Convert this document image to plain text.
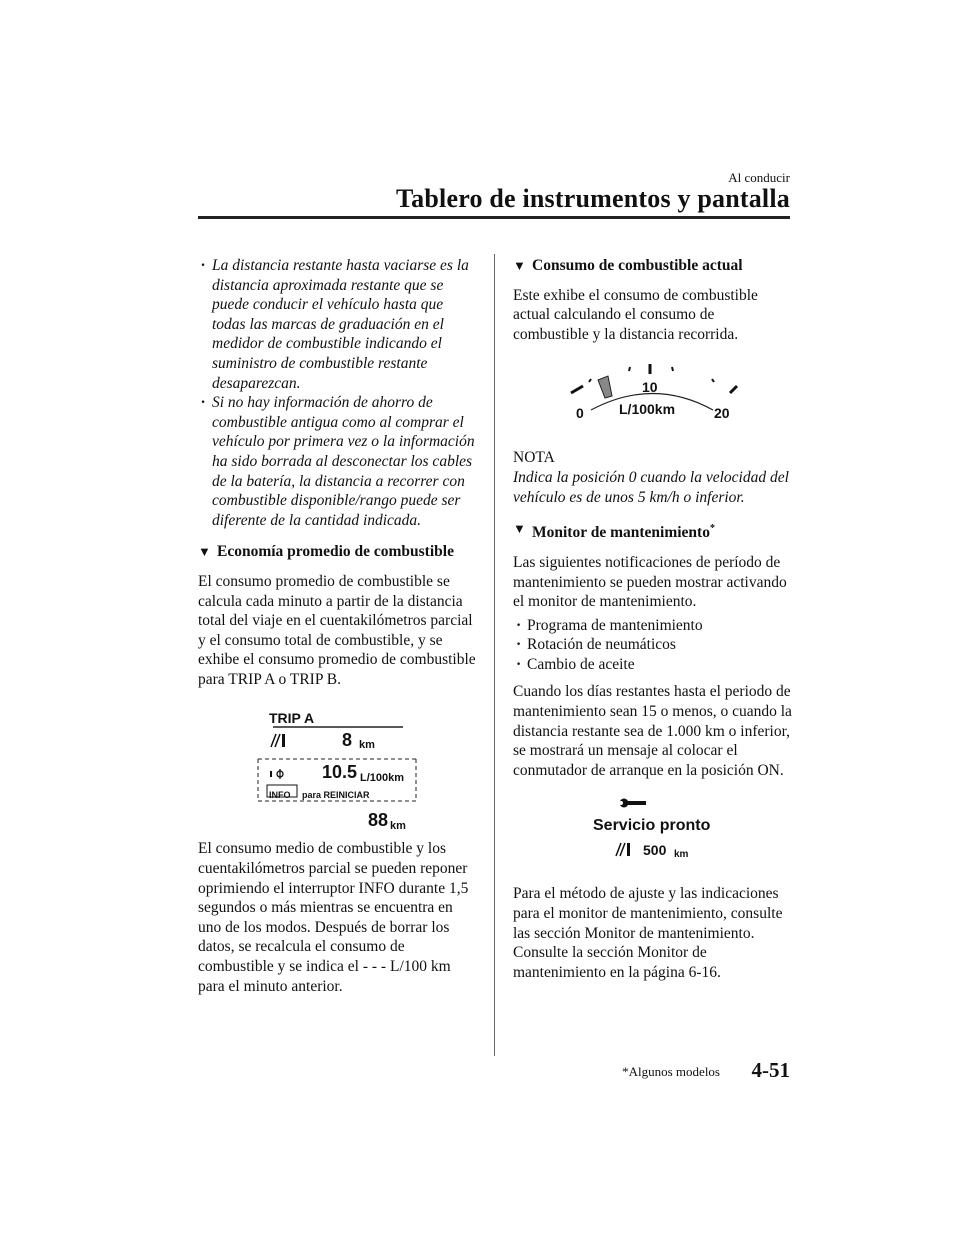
Al conducir
Tablero de instrumentos y pantalla

· La distancia restante hasta vaciarse es la distancia aproximada restante que se puede conducir el vehículo hasta que todas las marcas de graduación en el medidor de combustible indicando el suministro de combustible restante desaparezcan.

· Si no hay información de ahorro de combustible antigua como al comprar el vehículo por primera vez o la información ha sido borrada al desconectar los cables de la batería, la distancia a recorrer con combustible disponible/rango puede ser diferente de la cantidad indicada.

▼ Economía promedio de combustible

El consumo promedio de combustible se calcula cada minuto a partir de la distancia total del viaje en el cuentakilómetros parcial y el consumo total de combustible, y se exhibe el consumo promedio de combustible para TRIP A o TRIP B.

TRIP A
8 km
10.5 L/100km
INFO para REINICIAR
88 km

El consumo medio de combustible y los cuentakilómetros parcial se pueden reponer oprimiendo el interruptor INFO durante 1,5 segundos o más mientras se encuentra en uno de los modos. Después de borrar los datos, se recalcula el consumo de combustible y se indica el - - - L/100 km para el minuto anterior.

▼ Consumo de combustible actual

Este exhibe el consumo de combustible actual calculando el consumo de combustible y la distancia recorrida.

0
10
20
L/100km

NOTA

Indica la posición 0 cuando la velocidad del vehículo es de unos 5 km/h o inferior.

▼ Monitor de mantenimiento*

Las siguientes notificaciones de período de mantenimiento se pueden mostrar activando el monitor de mantenimiento.

· Programa de mantenimiento

· Rotación de neumáticos

· Cambio de aceite

Cuando los días restantes hasta el periodo de mantenimiento sean 15 o menos, o cuando la distancia restante sea de 1.000 km o inferior, se mostrará un mensaje al colocar el conmutador de arranque en la posición ON.

Servicio pronto
500 km

Para el método de ajuste y las indicaciones para el monitor de mantenimiento, consulte las sección Monitor de mantenimiento.

Consulte la sección Monitor de mantenimiento en la página 6-16.

*Algunos modelos	4-51
